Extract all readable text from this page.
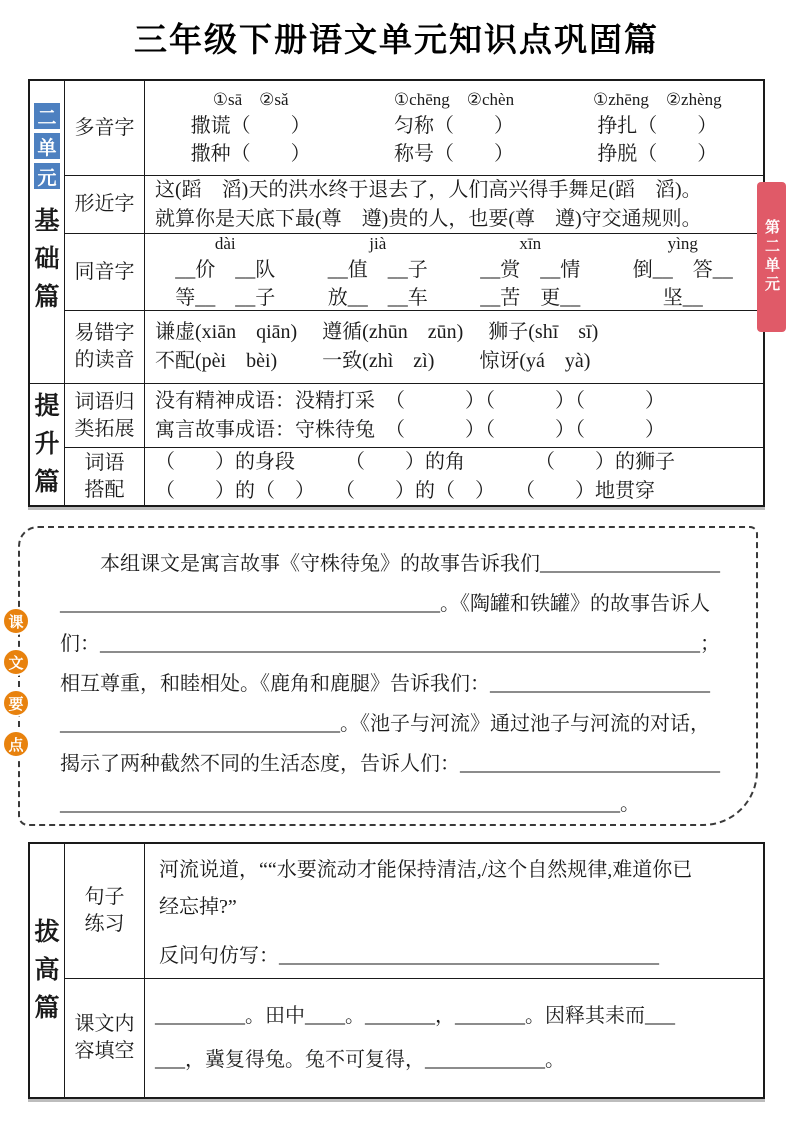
三年级下册语文单元知识点巩固篇
二
单
元
基
础
篇
提
升
篇
多音字
①sā　②sǎ
撒谎（　　）
撒种（　　）
①chēng　②chèn
匀称（　　）
称号（　　）
①zhēng　②zhèng
挣扎（　　）
挣脱（　　）
形近字
这(蹈　滔)天的洪水终于退去了，人们高兴得手舞足(蹈　滔)。
就算你是天底下最(尊　遵)贵的人，也要(尊　遵)守交通规则。
同音字
dài
__价　__队
等__　__子
jià
__值　__子
放__　__车
xīn
__赏　__情
__苦　更__
yìng
倒__　答__
坚__
易错字
的读音
谦虚(xiān　qiān)　 遵循(zhūn　zūn)　 狮子(shī　sī)
不配(pèi　bèi)　 　一致(zhì　zì)　 　惊讶(yá　yà)
词语归
类拓展
没有精神成语：没精打采　（　　　）（　　　）（　　　）
寓言故事成语：守株待兔　（　　　）（　　　）（　　　）
词语
搭配
（　　）的身段　　　（　　）的角　　　　（　　）的狮子
（　　）的（　）　　（　　）的（　）　　（　　）地贯穿
第二单元
　　本组课文是寓言故事《守株待兔》的故事告诉我们__________________
______________________________________。《陶罐和铁罐》的故事告诉人
们：____________________________________________________________；
相互尊重，和睦相处。《鹿角和鹿腿》告诉我们：______________________
____________________________。《池子与河流》通过池子与河流的对话，
揭示了两种截然不同的生活态度，告诉人们：__________________________
________________________________________________________。
课
文
要
点
拔
高
篇
句子
练习
河流说道，““水要流动才能保持清洁,/这个自然规律,难道你已
经忘掉?”
反问句仿写：______________________________________
课文内
容填空
_________。田中____。_______，_______。因释其耒而___
___，冀复得兔。兔不可复得，____________。
